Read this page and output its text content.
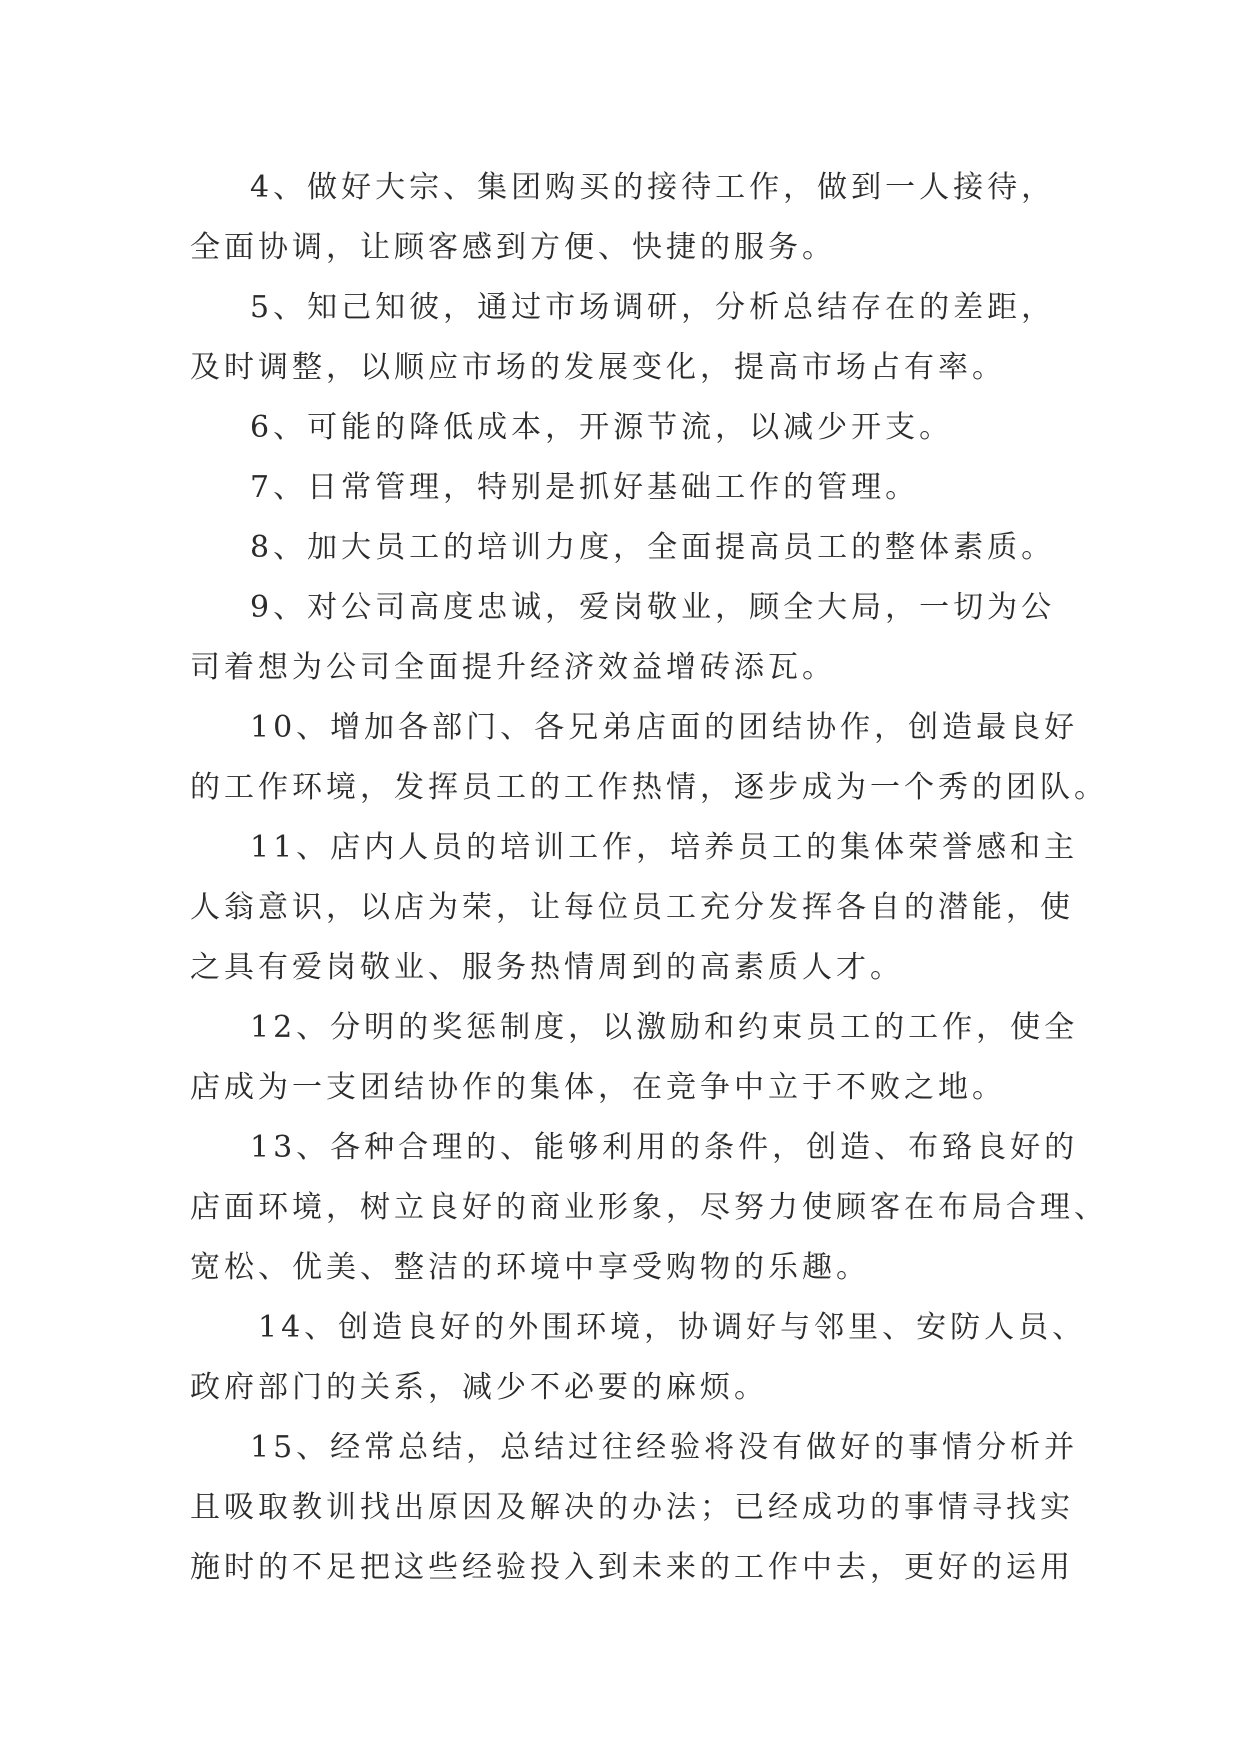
4、做好大宗、集团购买的接待工作，做到一人接待，
全面协调，让顾客感到方便、快捷的服务。
5、知己知彼，通过市场调研，分析总结存在的差距，
及时调整，以顺应市场的发展变化，提高市场占有率。
6、可能的降低成本，开源节流，以减少开支。
7、日常管理，特别是抓好基础工作的管理。
8、加大员工的培训力度，全面提高员工的整体素质。
9、对公司高度忠诚，爱岗敬业，顾全大局，一切为公
司着想为公司全面提升经济效益增砖添瓦。
10、增加各部门、各兄弟店面的团结协作，创造最良好
的工作环境，发挥员工的工作热情，逐步成为一个秀的团队。
11、店内人员的培训工作，培养员工的集体荣誉感和主
人翁意识，以店为荣，让每位员工充分发挥各自的潜能，使
之具有爱岗敬业、服务热情周到的高素质人才。
12、分明的奖惩制度，以激励和约束员工的工作，使全
店成为一支团结协作的集体，在竞争中立于不败之地。
13、各种合理的、能够利用的条件，创造、布臵良好的
店面环境，树立良好的商业形象，尽努力使顾客在布局合理、
宽松、优美、整洁的环境中享受购物的乐趣。
14、创造良好的外围环境，协调好与邻里、安防人员、
政府部门的关系，减少不必要的麻烦。
15、经常总结，总结过往经验将没有做好的事情分析并
且吸取教训找出原因及解决的办法；已经成功的事情寻找实
施时的不足把这些经验投入到未来的工作中去，更好的运用
